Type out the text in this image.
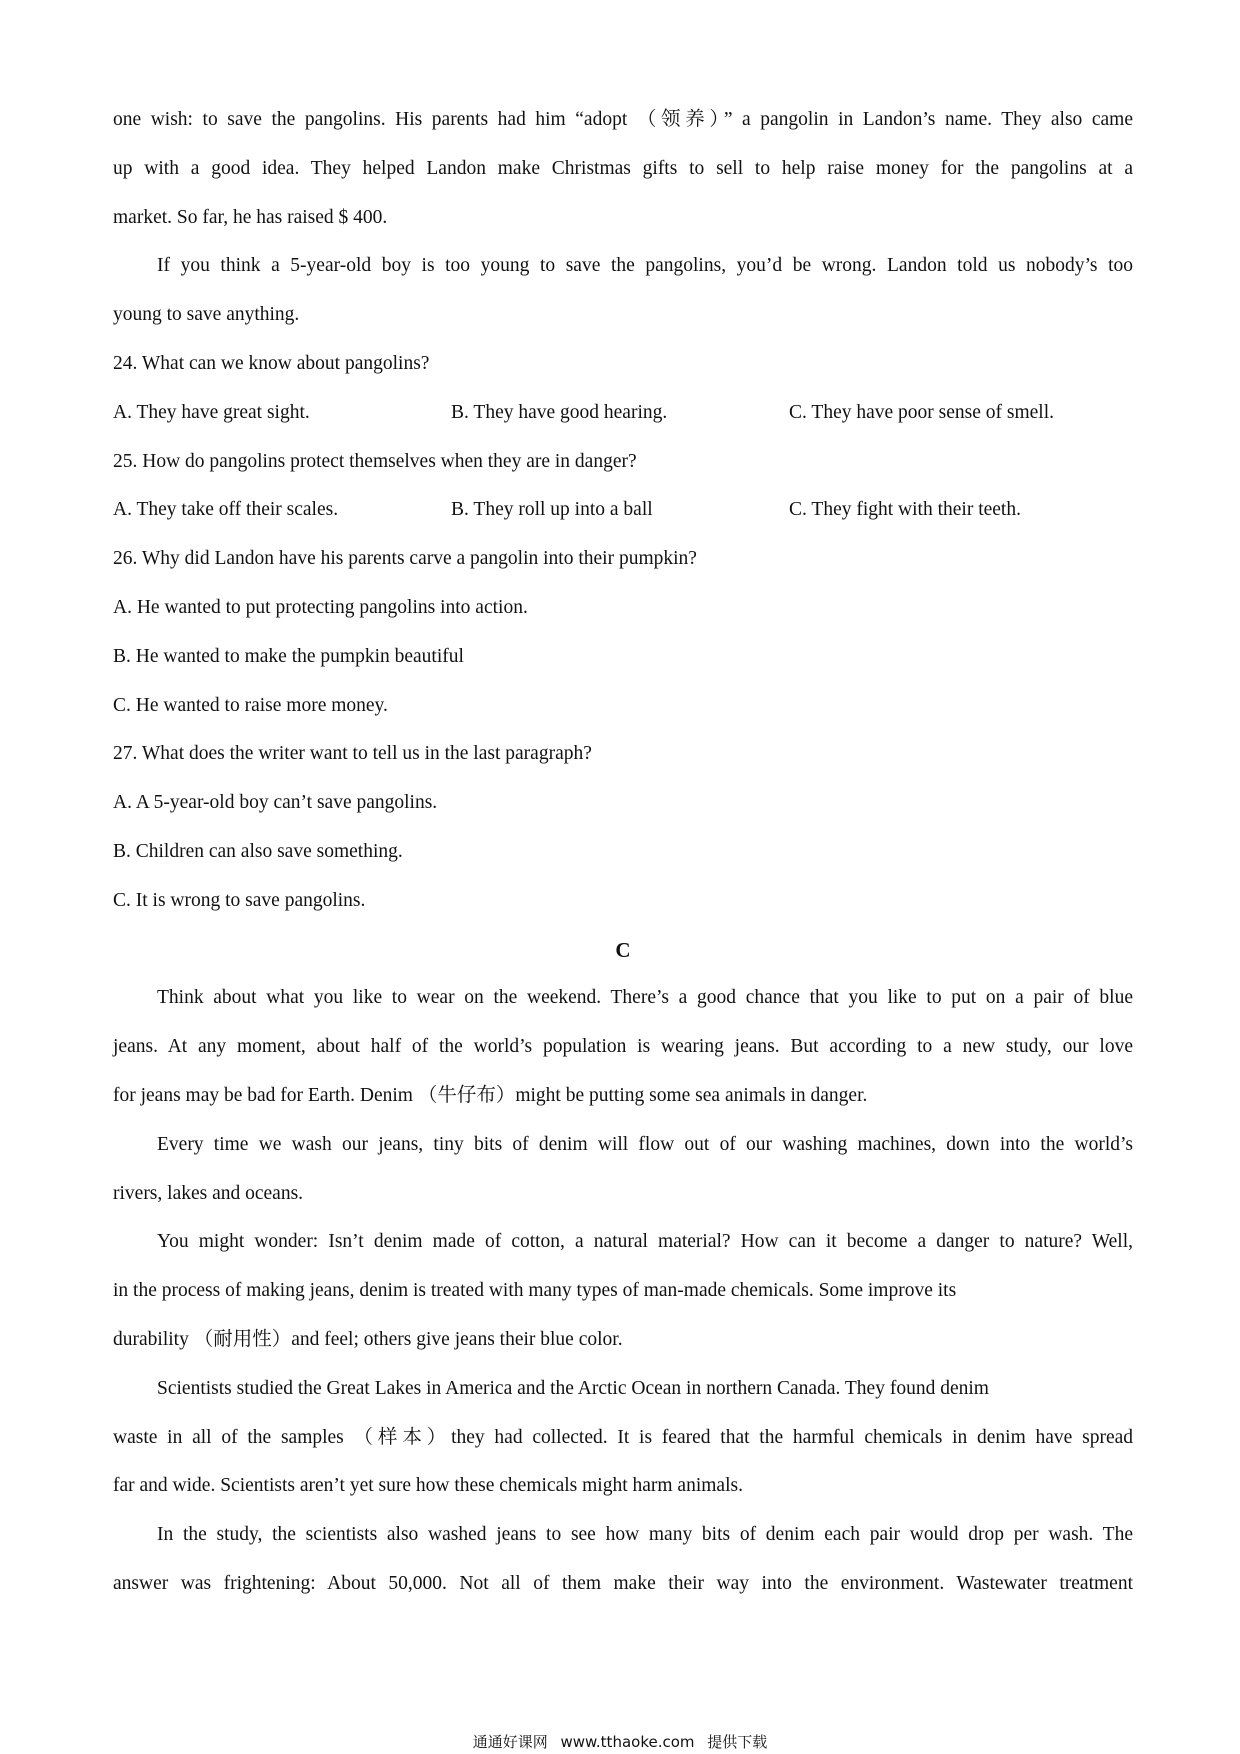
one wish: to save the pangolins. His parents had him “adopt （领养）” a pangolin in Landon’s name. They also came
up with a good idea. They helped Landon make Christmas gifts to sell to help raise money for the pangolins at a
market. So far, he has raised $ 400.
If you think a 5-year-old boy is too young to save the pangolins, you’d be wrong. Landon told us nobody’s too
young to save anything.
24. What can we know about pangolins?
A. They have great sight.	B. They have good hearing.	C. They have poor sense of smell.
25. How do pangolins protect themselves when they are in danger?
A. They take off their scales.	B. They roll up into a ball	C. They fight with their teeth.
26. Why did Landon have his parents carve a pangolin into their pumpkin?
A. He wanted to put protecting pangolins into action.
B. He wanted to make the pumpkin beautiful
C. He wanted to raise more money.
27. What does the writer want to tell us in the last paragraph?
A. A 5-year-old boy can’t save pangolins.
B. Children can also save something.
C. It is wrong to save pangolins.
C
Think about what you like to wear on the weekend. There’s a good chance that you like to put on a pair of blue
jeans. At any moment, about half of the world’s population is wearing jeans. But according to a new study, our love
for jeans may be bad for Earth. Denim （牛仔布）might be putting some sea animals in danger.
Every time we wash our jeans, tiny bits of denim will flow out of our washing machines, down into the world’s
rivers, lakes and oceans.
You might wonder: Isn’t denim made of cotton, a natural material? How can it become a danger to nature? Well,
in the process of making jeans, denim is treated with many types of man-made chemicals. Some improve its
durability （耐用性）and feel; others give jeans their blue color.
Scientists studied the Great Lakes in America and the Arctic Ocean in northern Canada. They found denim
waste in all of the samples （样本）they had collected. It is feared that the harmful chemicals in denim have spread
far and wide. Scientists aren’t yet sure how these chemicals might harm animals.
In the study, the scientists also washed jeans to see how many bits of denim each pair would drop per wash. The
answer was frightening: About 50,000. Not all of them make their way into the environment. Wastewater treatment
通通好课网 www.tthaoke.com 提供下载
